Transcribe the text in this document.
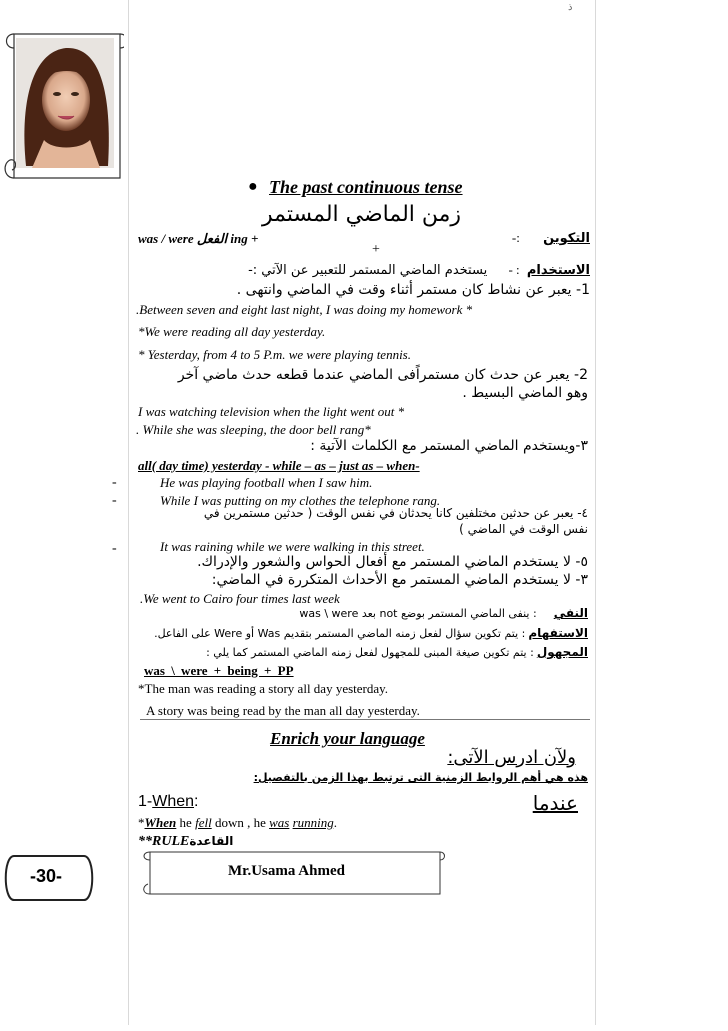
ذ
● The past continuous tense
زمن الماضي المستمر
was / were الفعل ing +
+
التكوين :-
الاستخدام : - يستخدم الماضي المستمر للتعبير عن الآتي :-
1- يعبر عن نشاط كان مستمر أثناء وقت في الماضي وانتهى .
.Between seven and eight last night, I was doing my homework *
*We were reading all day yesterday.
* Yesterday, from 4 to 5 P.m. we were playing tennis.
2- يعبر عن حدث كان مستمراًفى الماضي عندما قطعه حدث ماضي آخر
وهو الماضي البسيط .
I was watching television when the light went out *
. While she was sleeping, the door bell rang*
٣-ويستخدم الماضي المستمر مع الكلمات الآتية :
all( day time) yesterday - while – as – just as – when-
-	He was playing football when I saw him.
-	While I was putting on my clothes the telephone rang.
٤- يعبر عن حدثين مختلفين كانا يحدثان في نفس الوقت ( حدثين مستمرين في
نفس الوقت في الماضي )
-	It was raining while we were walking in this street.
٥- لا يستخدم الماضي المستمر مع أفعال الحواس والشعور والإدراك.
٣- لا يستخدم الماضي المستمر مع الأحداث المتكررة في الماضي:
.We went to Cairo four times last week
النفي : ينفى الماضي المستمر بوضع not بعد was \ were
الاستفهام : يتم تكوين سؤال لفعل زمنه الماضي المستمر بتقديم Was أو Were على الفاعل.
المجهول : يتم تكوين صيغة المبنى للمجهول لفعل زمنه الماضي المستمر كما يلي :
was \ were + being + PP
*The man was reading a story all day yesterday.
A story was being read by the man all day yesterday.
Enrich your language
ولآن ادرس الآتى:
هذه هي أهم الروابط الزمنية التى ترتبط بهذا الزمن بالتفصيل:
1-When:	عندما
*When he fell down , he was running.
**RULEالقاعدة
Mr.Usama Ahmed
-30-
